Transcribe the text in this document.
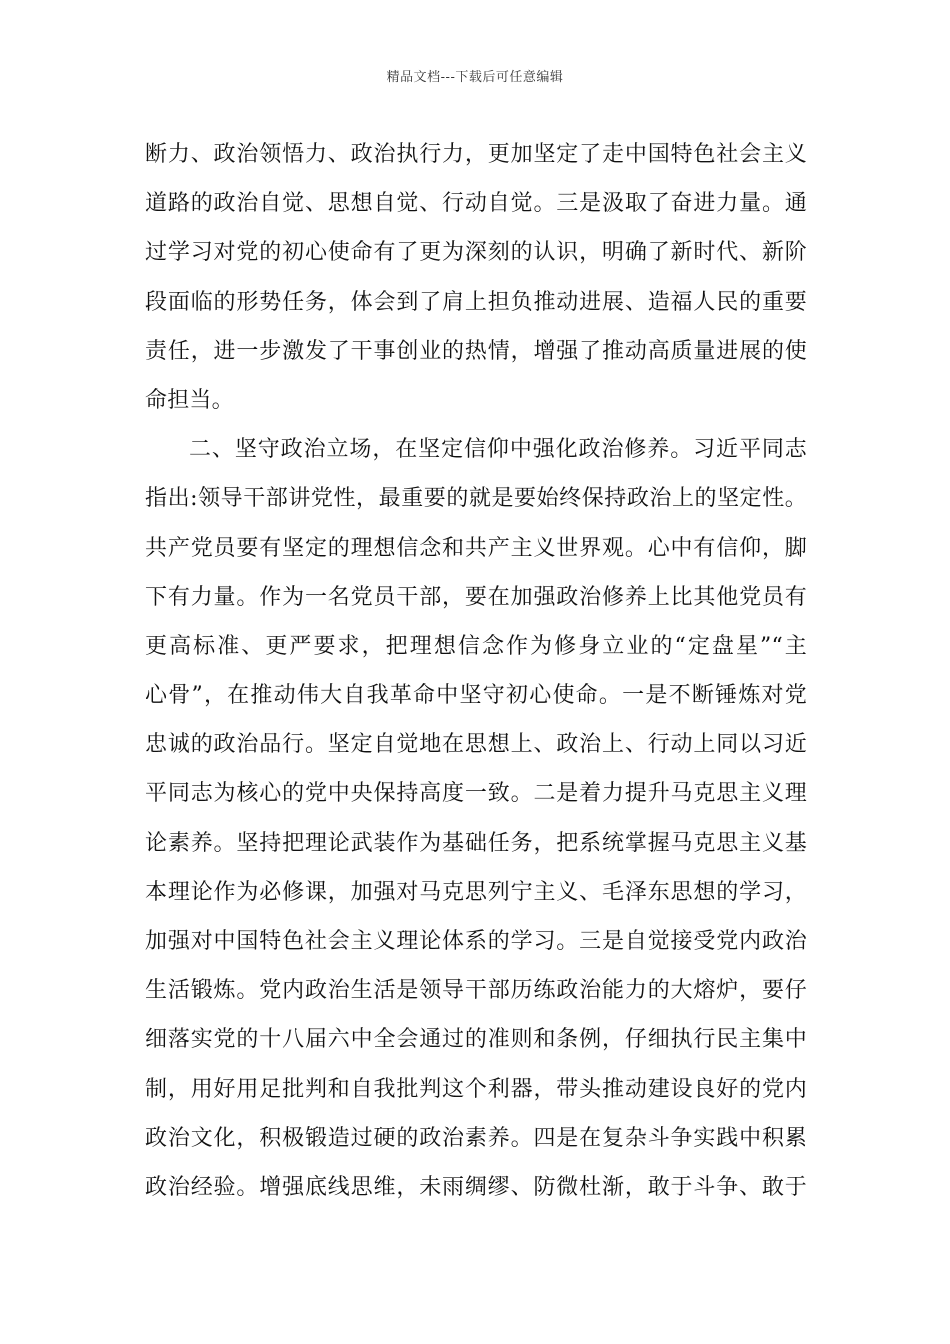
精品文档---下载后可任意编辑
断力、政治领悟力、政治执行力，更加坚定了走中国特色社会主义
道路的政治自觉、思想自觉、行动自觉。三是汲取了奋进力量。通
过学习对党的初心使命有了更为深刻的认识，明确了新时代、新阶
段面临的形势任务，体会到了肩上担负推动进展、造福人民的重要
责任，进一步激发了干事创业的热情，增强了推动高质量进展的使
命担当。
二、坚守政治立场，在坚定信仰中强化政治修养。习近平同志
指出:领导干部讲党性，最重要的就是要始终保持政治上的坚定性。
共产党员要有坚定的理想信念和共产主义世界观。心中有信仰，脚
下有力量。作为一名党员干部，要在加强政治修养上比其他党员有
更高标准、更严要求，把理想信念作为修身立业的“定盘星”“主
心骨”，在推动伟大自我革命中坚守初心使命。一是不断锤炼对党
忠诚的政治品行。坚定自觉地在思想上、政治上、行动上同以习近
平同志为核心的党中央保持高度一致。二是着力提升马克思主义理
论素养。坚持把理论武装作为基础任务，把系统掌握马克思主义基
本理论作为必修课，加强对马克思列宁主义、毛泽东思想的学习，
加强对中国特色社会主义理论体系的学习。三是自觉接受党内政治
生活锻炼。党内政治生活是领导干部历练政治能力的大熔炉，要仔
细落实党的十八届六中全会通过的准则和条例，仔细执行民主集中
制，用好用足批判和自我批判这个利器，带头推动建设良好的党内
政治文化，积极锻造过硬的政治素养。四是在复杂斗争实践中积累
政治经验。增强底线思维，未雨绸缪、防微杜渐，敢于斗争、敢于
